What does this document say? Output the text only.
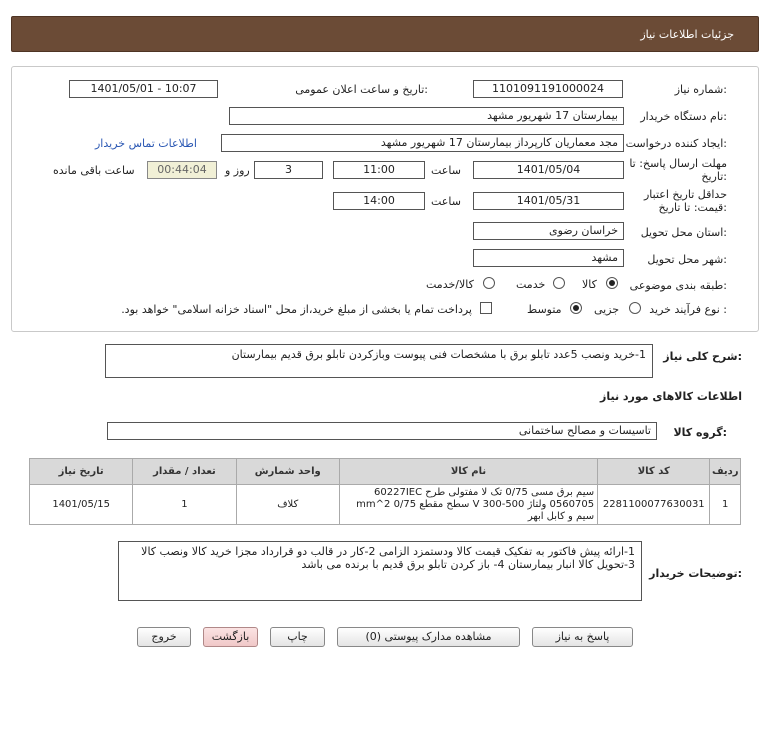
جزئیات اطلاعات نیاز
شماره نیاز:
1101091191000024
تاریخ و ساعت اعلان عمومی:
1401/05/01 - 10:07
نام دستگاه خریدار:
بیمارستان 17 شهریور مشهد
ایجاد کننده درخواست:
مجد معماریان کارپرداز بیمارستان 17 شهریور مشهد
اطلاعات تماس خریدار
مهلت ارسال پاسخ: تا
تاریخ:
1401/05/04
ساعت
11:00
3
روز و
00:44:04
ساعت باقی مانده
حداقل تاریخ اعتبار
قیمت: تا تاریخ:
1401/05/31
ساعت
14:00
استان محل تحویل:
خراسان رضوی
شهر محل تحویل:
مشهد
طبقه بندی موضوعی:
کالا
خدمت
کالا/خدمت
نوع فرآیند خرید :
جزیی
متوسط
پرداخت تمام یا بخشی از مبلغ خرید،از محل "اسناد خزانه اسلامی" خواهد بود.
شرح کلی نیاز:
1-خرید ونصب 5عدد تابلو برق با مشخصات فنی پیوست وبازکردن تابلو برق قدیم بیمارستان
اطلاعات کالاهای مورد نیاز
گروه کالا:
تاسیسات و مصالح ساختمانی
ردیف	کد کالا	نام کالا	واحد شمارش	تعداد / مقدار	تاریخ نیاز
1	2281100077630031	سیم برق مسی 0/75 تک لا مفتولی طرح 60227IEC 0560705 ولتاژ 500-300 V سطح مقطع 0/75 mm^2 سیم و کابل ابهر	کلاف	1	1401/05/15
توضیحات خریدار:
1-ارائه پیش فاکتور به تفکیک قیمت کالا ودستمزد الزامی 2-کار در قالب دو قرارداد مجزا خرید کالا ونصب کالا
3-تحویل کالا انبار بیمارستان 4- باز کردن تابلو برق قدیم با برنده می باشد
پاسخ به نیاز
مشاهده مدارک پیوستی (0)
چاپ
بازگشت
خروج
